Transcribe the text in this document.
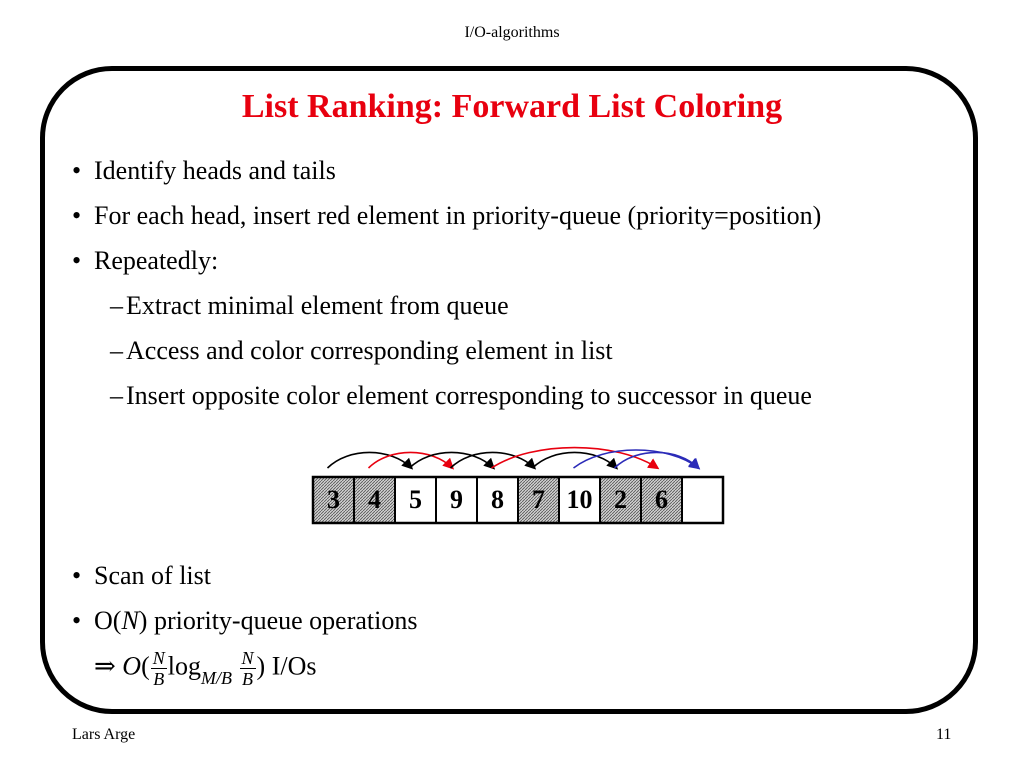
I/O-algorithms
List Ranking: Forward List Coloring
• Identify heads and tails
• For each head, insert red element in priority-queue (priority=position)
• Repeatedly:
– Extract minimal element from queue
– Access and color corresponding element in list
– Insert opposite color element corresponding to successor in queue
3 4 5 9 8 7 10 2 6
• Scan of list
• O(N) priority-queue operations
⇒ $O( \frac{N}{B} \log_{M/B} \frac{N}{B}$ ) I/Os
Lars Arge	11
